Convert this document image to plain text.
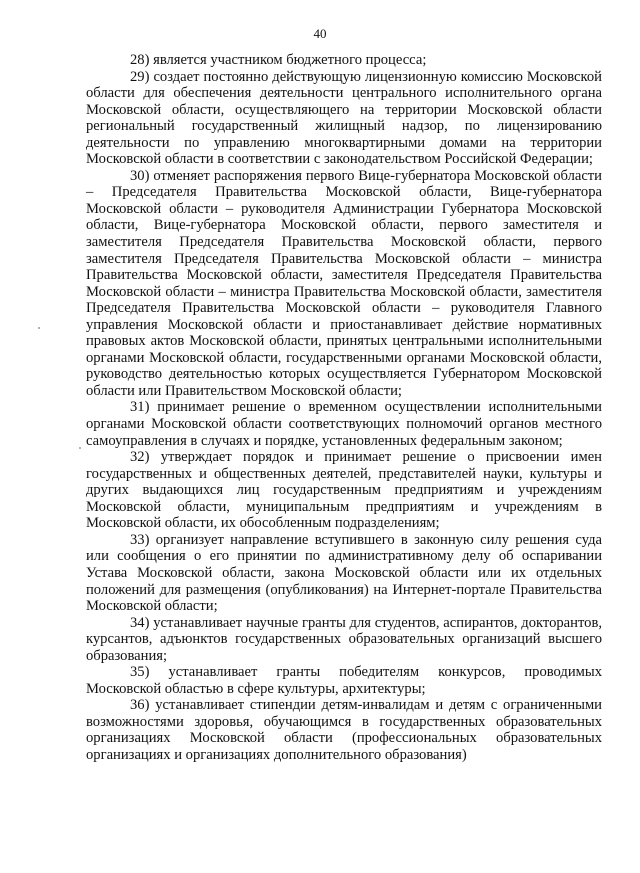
40

28) является участником бюджетного процесса;

29) создает постоянно действующую лицензионную комиссию Московской области для обеспечения деятельности центрального исполнительного органа Московской области, осуществляющего на территории Московской области региональный государственный жилищный надзор, по лицензированию деятельности по управлению многоквартирными домами на территории Московской области в соответствии с законодательством Российской Федерации;

30) отменяет распоряжения первого Вице-губернатора Московской области – Председателя Правительства Московской области, Вице-губернатора Московской области – руководителя Администрации Губернатора Московской области, Вице-губернатора Московской области, первого заместителя и заместителя Председателя Правительства Московской области, первого заместителя Председателя Правительства Московской области – министра Правительства Московской области, заместителя Председателя Правительства Московской области – министра Правительства Московской области, заместителя Председателя Правительства Московской области – руководителя Главного управления Московской области и приостанавливает действие нормативных правовых актов Московской области, принятых центральными исполнительными органами Московской области, государственными органами Московской области, руководство деятельностью которых осуществляется Губернатором Московской области или Правительством Московской области;

31) принимает решение о временном осуществлении исполнительными органами Московской области соответствующих полномочий органов местного самоуправления в случаях и порядке, установленных федеральным законом;

32) утверждает порядок и принимает решение о присвоении имен государственных и общественных деятелей, представителей науки, культуры и других выдающихся лиц государственным предприятиям и учреждениям Московской области, муниципальным предприятиям и учреждениям в Московской области, их обособленным подразделениям;

33) организует направление вступившего в законную силу решения суда или сообщения о его принятии по административному делу об оспаривании Устава Московской области, закона Московской области или их отдельных положений для размещения (опубликования) на Интернет-портале Правительства Московской области;

34) устанавливает научные гранты для студентов, аспирантов, докторантов, курсантов, адъюнктов государственных образовательных организаций высшего образования;

35) устанавливает гранты победителям конкурсов, проводимых Московской областью в сфере культуры, архитектуры;

36) устанавливает стипендии детям-инвалидам и детям с ограниченными возможностями здоровья, обучающимся в государственных образовательных организациях Московской области (профессиональных образовательных организациях и организациях дополнительного образования)
